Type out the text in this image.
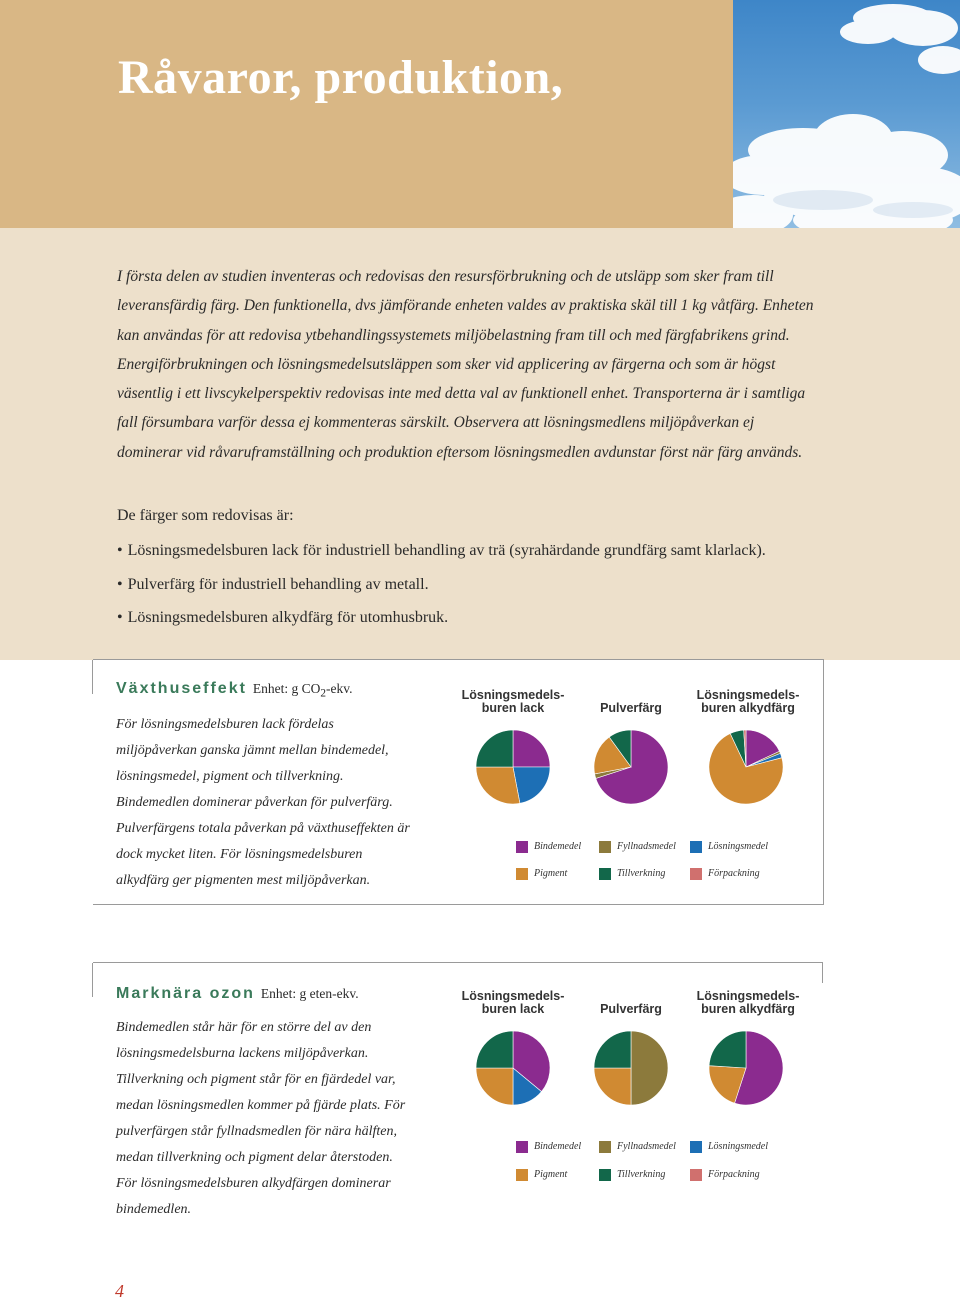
Råvaror, produktion,

I första delen av studien inventeras och redovisas den resursförbrukning och de utsläpp som sker fram till leveransfärdig färg. Den funktionella, dvs jämförande enheten valdes av praktiska skäl till 1 kg våtfärg. Enheten kan användas för att redovisa ytbehandlingssystemets miljöbelastning fram till och med färgfabrikens grind. Energiförbrukningen och lösningsmedelsutsläppen som sker vid applicering av färgerna och som är högst väsentlig i ett livscykelperspektiv redovisas inte med detta val av funktionell enhet. Transporterna är i samtliga fall försumbara varför dessa ej kommenteras särskilt. Observera att lösningsmedlens miljöpåverkan ej dominerar vid råvaruframställning och produktion eftersom lösningsmedlen avdunstar först när färg används.

De färger som redovisas är:

• Lösningsmedelsburen lack för industriell behandling av trä (syrahärdande grundfärg samt klarlack).
• Pulverfärg för industriell behandling av metall.
• Lösningsmedelsburen alkydfärg för utomhusbruk.
Växthuseffekt Enhet: g $CO_2$-ekv.

För lösningsmedelsburen lack fördelas miljöpåverkan ganska jämnt mellan bindemedel, lösningsmedel, pigment och tillverkning. Bindemedlen dominerar påverkan för pulverfärg. Pulverfärgens totala påverkan på växthuseffekten är dock mycket liten. För lösningsmedelsburen alkydfärg ger pigmenten mest miljöpåverkan.

Lösningsmedels-
buren lack	Pulverfärg
Lösningsmedels-
buren alkydfärg
Bindemedel	Fyllnadsmedel	Lösningsmedel
Pigment	Tillverkning	Förpackning
Marknära ozon Enhet: g eten-ekv.

Bindemedlen står här för en större del av den lösningsmedelsburna lackens miljöpåverkan. Tillverkning och pigment står för en fjärdedel var, medan lösningsmedlen kommer på fjärde plats. För pulverfärgen står fyllnadsmedlen för nära hälften, medan tillverkning och pigment delar återstoden. För lösningsmedelsburen alkydfärgen dominerar bindemedlen.

Lösningsmedels-
buren lack	Pulverfärg
Lösningsmedels-
buren alkydfärg
Bindemedel	Fyllnadsmedel	Lösningsmedel
Pigment	Tillverkning	Förpackning
4
